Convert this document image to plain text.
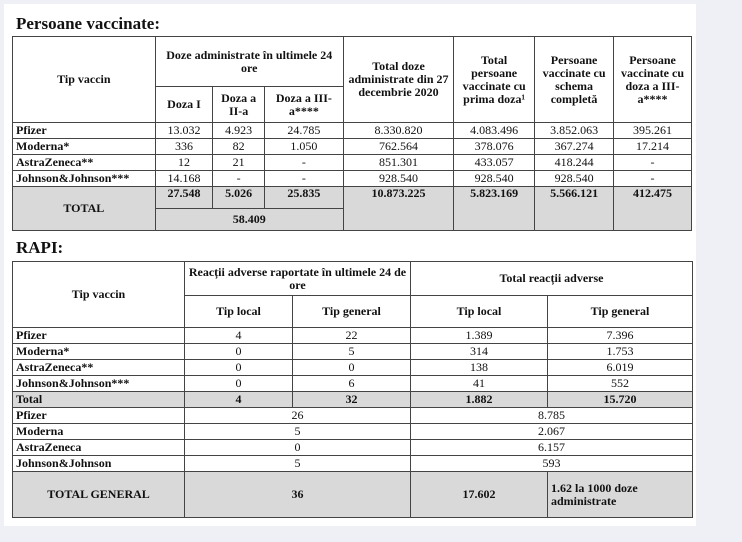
Persoane vaccinate:
Tip vaccin	Doze administrate în ultimele 24 ore			Total doze administrate din 27 decembrie 2020	Total persoane vaccinate cu prima doza¹	Persoane vaccinate cu schema completă	Persoane vaccinate cu doza a III-a****
	Doza I	Doza a II-a	Doza a III-a****				
Pfizer	13.032	4.923	24.785	8.330.820	4.083.496	3.852.063	395.261
Moderna*	336	82	1.050	762.564	378.076	367.274	17.214
AstraZeneca**	12	21	-	851.301	433.057	418.244	-
Johnson&Johnson***	14.168	-	-	928.540	928.540	928.540	-
TOTAL	27.548	5.026	25.835	10.873.225	5.823.169	5.566.121	412.475
	58.409						
RAPI:
Tip vaccin	Reacții adverse raportate în ultimele 24 de ore		Total reacții adverse	
	Tip local	Tip general	Tip local	Tip general
Pfizer	4	22	1.389	7.396
Moderna*	0	5	314	1.753
AstraZeneca**	0	0	138	6.019
Johnson&Johnson***	0	6	41	552
Total	4	32	1.882	15.720
Pfizer	26		8.785	
Moderna	5		2.067	
AstraZeneca	0		6.157	
Johnson&Johnson	5		593	
TOTAL GENERAL	36		17.602	1.62 la 1000 doze administrate
